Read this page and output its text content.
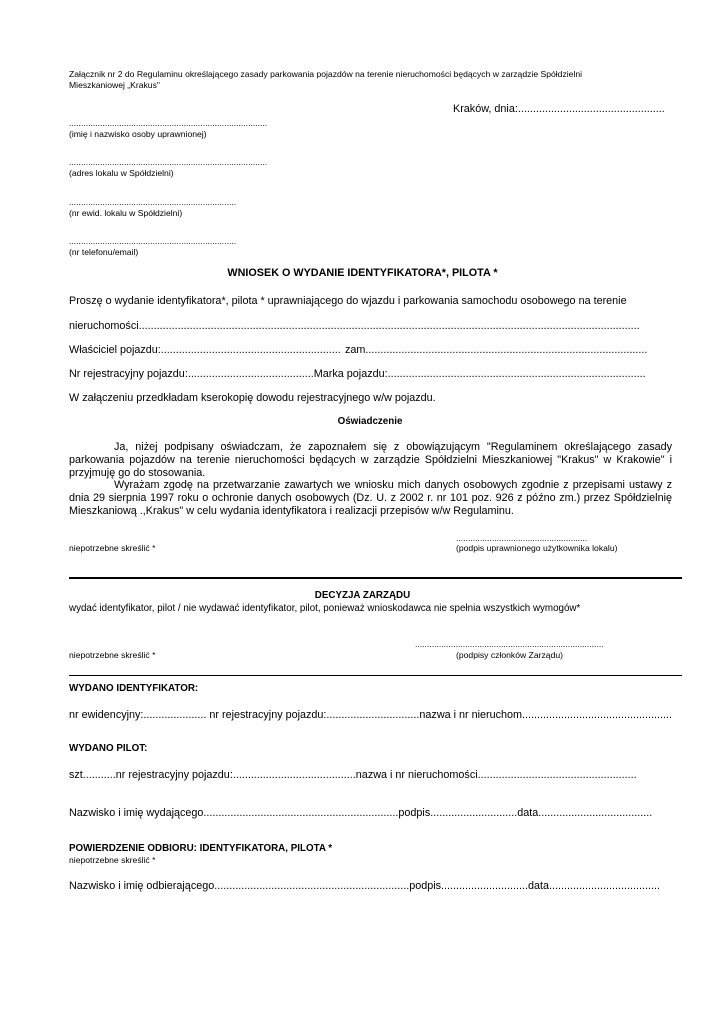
Załącznik nr 2 do Regulaminu określającego zasady parkowania pojazdów na terenie nieruchomości będących w zarządzie Spółdzielni
Mieszkaniowej „Krakus"
Kraków, dnia:.................................................
...................................................................................
(imię i nazwisko osoby uprawnionej)
...................................................................................
(adres lokalu w Spółdzielni)
......................................................................
(nr ewid. lokalu w Spółdzielni)
......................................................................
(nr telefonu/email)
WNIOSEK O WYDANIE IDENTYFIKATORA*, PILOTA *
Proszę o wydanie identyfikatora*, pilota * uprawniającego do wjazdu i parkowania samochodu osobowego na terenie
nieruchomości.......................................................................................................................................................................
Właściciel pojazdu:............................................................ zam..............................................................................................
Nr rejestracyjny pojazdu:..........................................Marka pojazdu:......................................................................................
W załączeniu przedkładam kserokopię dowodu rejestracyjnego w/w pojazdu.
Oświadczenie
Ja, niżej podpisany oświadczam, że zapoznałem się z obowiązującym "Regulaminem określającego zasady parkowania pojazdów na terenie nieruchomości będących w zarządzie Spółdzielni Mieszkaniowej "Krakus" w Krakowie" i przyjmuję go do stosowania.
Wyrażam zgodę na przetwarzanie zawartych we wniosku mich danych osobowych zgodnie z przepisami ustawy z dnia 29 sierpnia 1997 roku o ochronie danych osobowych (Dz. U. z 2002 r. nr 101 poz. 926 z późno zm.) przez Spółdzielnię Mieszkaniową .,Krakus" w celu wydania identyfikatora i realizacji przepisów w/w Regulaminu.
.......................................................
niepotrzebne skreślić *	(podpis uprawnionego użytkownika lokalu)
DECYZJA ZARZĄDU
wydać identyfikator, pilot / nie wydawać identyfikator, pilot, ponieważ wnioskodawca nie spełnia wszystkich wymogów*
...............................................................................
niepotrzebne skreślić *	(podpisy członków Zarządu)
WYDANO IDENTYFIKATOR:
nr ewidencyjny:..................... nr rejestracyjny pojazdu:...............................nazwa i nr nieruchom..................................................
WYDANO PILOT:
szt...........nr rejestracyjny pojazdu:.........................................nazwa i nr nieruchomości.....................................................
Nazwisko i imię wydającego.................................................................podpis.............................data......................................
POWIERDZENIE ODBIORU: IDENTYFIKATORA, PILOTA *
niepotrzebne skreślić *
Nazwisko i imię odbierającego.................................................................podpis.............................data.....................................
